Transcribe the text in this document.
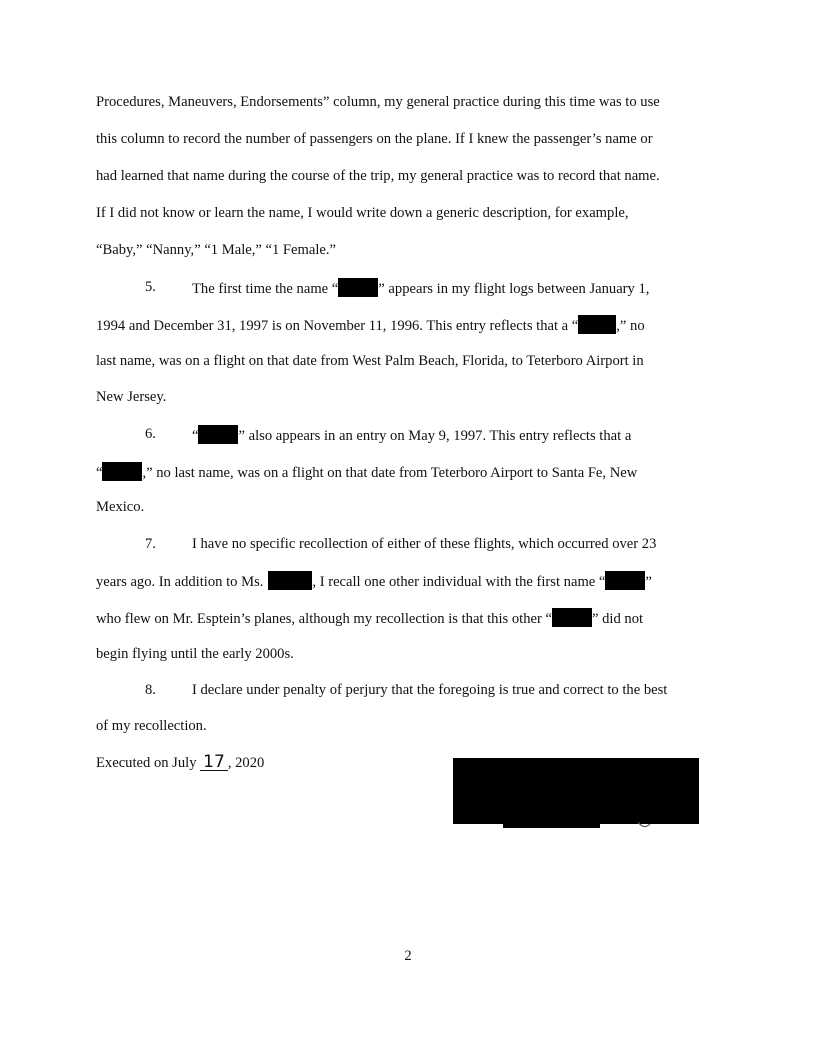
Procedures, Maneuvers, Endorsements” column, my general practice during this time was to use
this column to record the number of passengers on the plane. If I knew the passenger’s name or
had learned that name during the course of the trip, my general practice was to record that name.
If I did not know or learn the name, I would write down a generic description, for example,
“Baby,” “Nanny,” “1 Male,” “1 Female.”
5. The first time the name “	” appears in my flight logs between January 1,
1994 and December 31, 1997 is on November 11, 1996. This entry reflects that a “	,” no
last name, was on a flight on that date from West Palm Beach, Florida, to Teterboro Airport in
New Jersey.
6. “	” also appears in an entry on May 9, 1997. This entry reflects that a
“	,” no last name, was on a flight on that date from Teterboro Airport to Santa Fe, New
Mexico.
7. I have no specific recollection of either of these flights, which occurred over 23
years ago. In addition to Ms.	, I recall one other individual with the first name “	”
who flew on Mr. Esptein’s planes, although my recollection is that this other “	” did not
begin flying until the early 2000s.
8. I declare under penalty of perjury that the foregoing is true and correct to the best
of my recollection.
Executed on July 17 , 2020
2
